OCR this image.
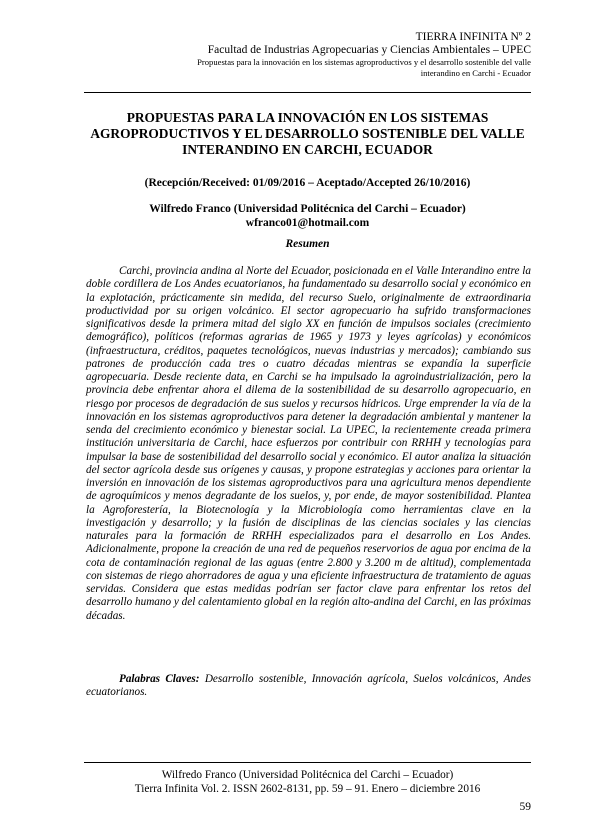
TIERRA INFINITA Nº 2
Facultad de Industrias Agropecuarias y Ciencias Ambientales – UPEC
Propuestas para la innovación en los sistemas agroproductivos y el desarrollo sostenible del valle
interandino en Carchi - Ecuador
PROPUESTAS PARA LA INNOVACIÓN EN LOS SISTEMAS AGROPRODUCTIVOS Y EL DESARROLLO SOSTENIBLE DEL VALLE INTERANDINO EN CARCHI, ECUADOR
(Recepción/Received: 01/09/2016 – Aceptado/Accepted 26/10/2016)
Wilfredo Franco (Universidad Politécnica del Carchi – Ecuador)
wfranco01@hotmail.com
Resumen

Carchi, provincia andina al Norte del Ecuador, posicionada en el Valle Interandino entre la doble cordillera de Los Andes ecuatorianos, ha fundamentado su desarrollo social y económico en la explotación, prácticamente sin medida, del recurso Suelo, originalmente de extraordinaria productividad por su origen volcánico. El sector agropecuario ha sufrido transformaciones significativos desde la primera mitad del siglo XX en función de impulsos sociales (crecimiento demográfico), políticos (reformas agrarias de 1965 y 1973 y leyes agrícolas) y económicos (infraestructura, créditos, paquetes tecnológicos, nuevas industrias y mercados); cambiando sus patrones de producción cada tres o cuatro décadas mientras se expandía la superficie agropecuaria. Desde reciente data, en Carchi se ha impulsado la agroindustrialización, pero la provincia debe enfrentar ahora el dilema de la sostenibilidad de su desarrollo agropecuario, en riesgo por procesos de degradación de sus suelos y recursos hídricos. Urge emprender la vía de la innovación en los sistemas agroproductivos para detener la degradación ambiental y mantener la senda del crecimiento económico y bienestar social. La UPEC, la recientemente creada primera institución universitaria de Carchi, hace esfuerzos por contribuir con RRHH y tecnologías para impulsar la base de sostenibilidad del desarrollo social y económico. El autor analiza la situación del sector agrícola desde sus orígenes y causas, y propone estrategias y acciones para orientar la inversión en innovación de los sistemas agroproductivos para una agricultura menos dependiente de agroquímicos y menos degradante de los suelos, y, por ende, de mayor sostenibilidad. Plantea la Agroforestería, la Biotecnología y la Microbiología como herramientas clave en la investigación y desarrollo; y la fusión de disciplinas de las ciencias sociales y las ciencias naturales para la formación de RRHH especializados para el desarrollo en Los Andes. Adicionalmente, propone la creación de una red de pequeños reservorios de agua por encima de la cota de contaminación regional de las aguas (entre 2.800 y 3.200 m de altitud), complementada con sistemas de riego ahorradores de agua y una eficiente infraestructura de tratamiento de aguas servidas. Considera que estas medidas podrían ser factor clave para enfrentar los retos del desarrollo humano y del calentamiento global en la región alto-andina del Carchi, en las próximas décadas.

Palabras Claves: Desarrollo sostenible, Innovación agrícola, Suelos volcánicos, Andes ecuatorianos.

Wilfredo Franco (Universidad Politécnica del Carchi – Ecuador)
Tierra Infinita Vol. 2. ISSN 2602-8131, pp. 59 – 91. Enero – diciembre 2016
59
